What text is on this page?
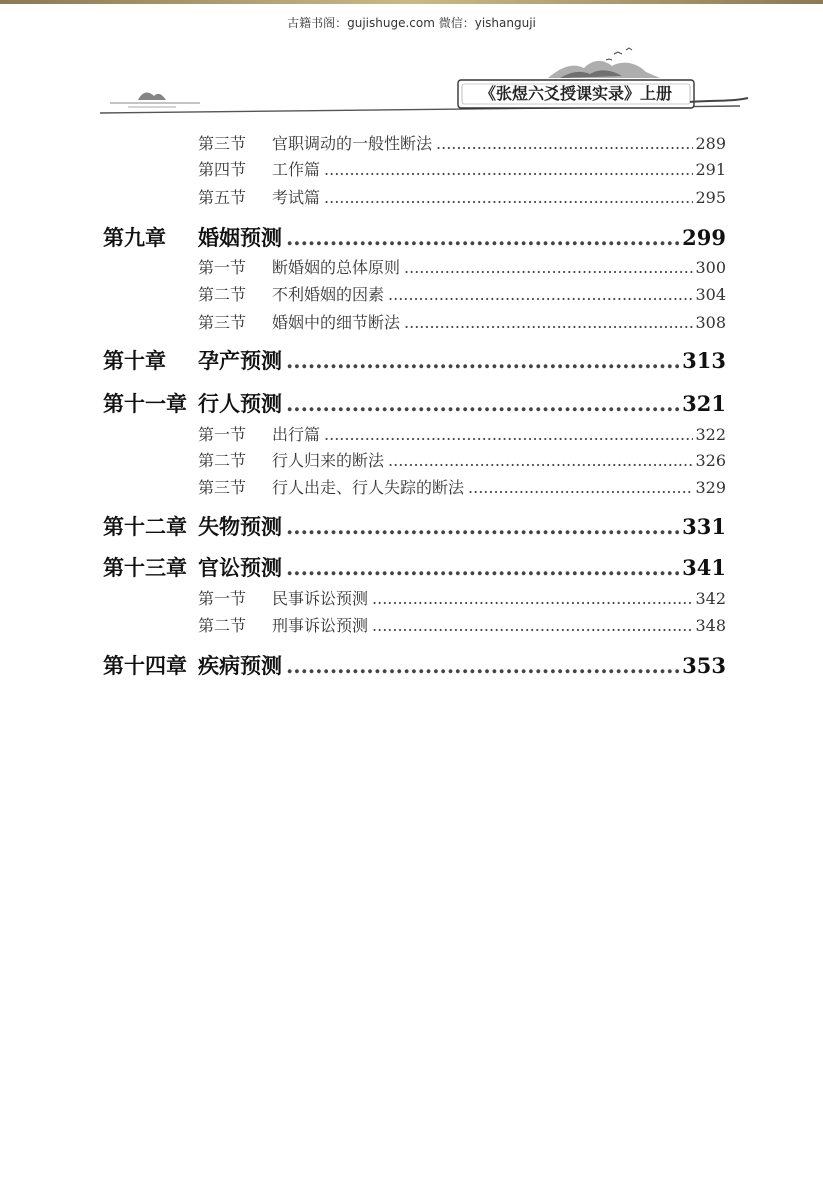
古籍书阁：gujishuge.com 微信：yishanguji
《张煜六爻授课实录》上册
第三节	官职调动的一般性断法 .....	289
第四节	工作篇 .....	291
第五节	考试篇 .....	295
第九章	婚姻预测 .....	299
第一节	断婚姻的总体原则 .....	300
第二节	不利婚姻的因素 .....	304
第三节	婚姻中的细节断法 .....	308
第十章	孕产预测 .....	313
第十一章 行人预测 .....	321
第一节	出行篇 .....	322
第二节	行人归来的断法 .....	326
第三节	行人出走、行人失踪的断法 .....	329
第十二章 失物预测 .....	331
第十三章 官讼预测 .....	341
第一节	民事诉讼预测 .....	342
第二节	刑事诉讼预测 .....	348
第十四章 疾病预测 .....	353
